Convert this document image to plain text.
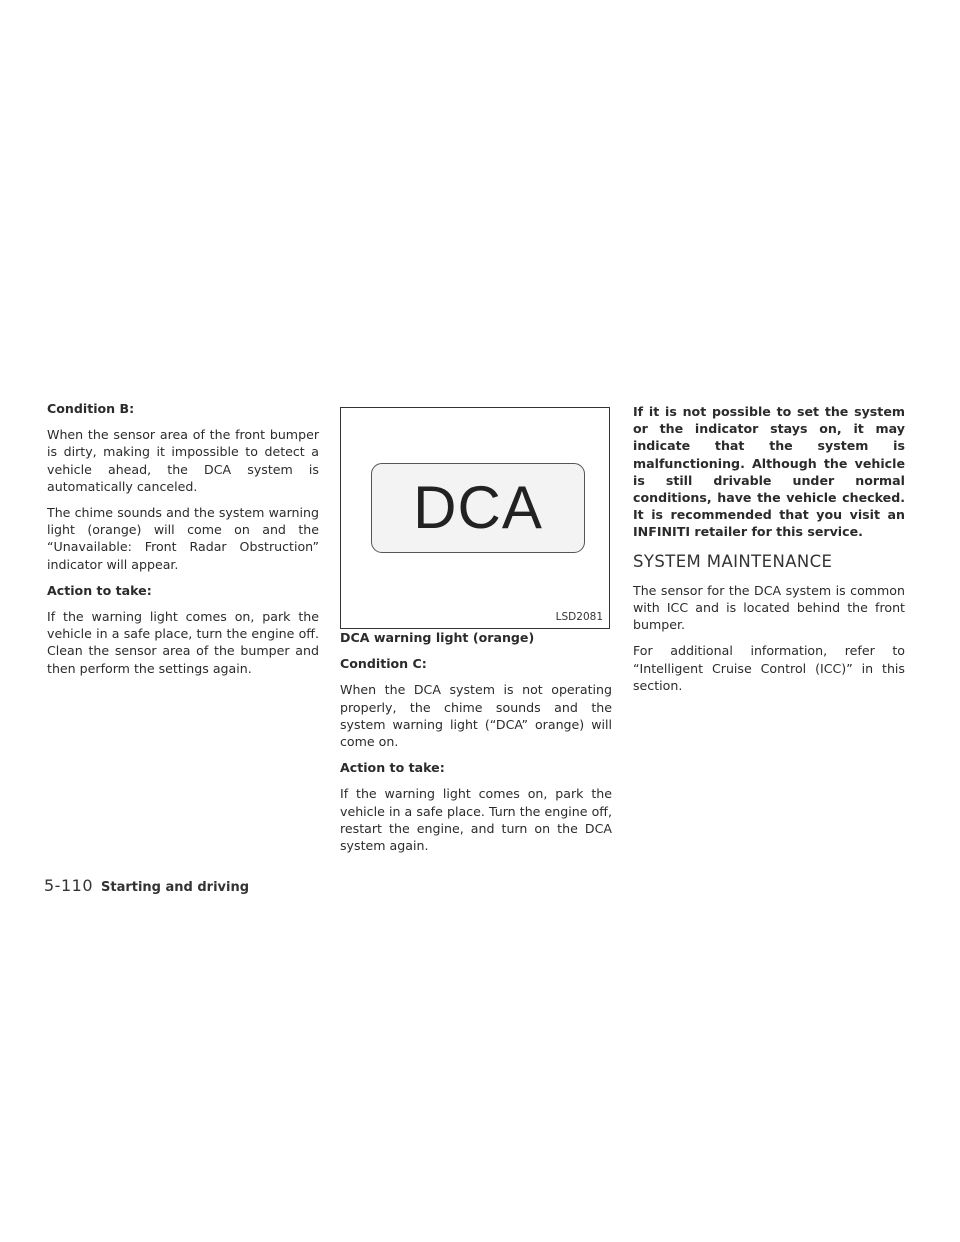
Condition B:

When the sensor area of the front bumper is dirty, making it impossible to detect a vehicle ahead, the DCA system is automatically canceled.

The chime sounds and the system warning light (orange) will come on and the “Unavailable: Front Radar Obstruction” indicator will appear.

Action to take:

If the warning light comes on, park the vehicle in a safe place, turn the engine off. Clean the sensor area of the bumper and then perform the settings again.

DCA
LSD2081

DCA warning light (orange)

Condition C:

When the DCA system is not operating properly, the chime sounds and the system warning light (“DCA” orange) will come on.

Action to take:

If the warning light comes on, park the vehicle in a safe place. Turn the engine off, restart the engine, and turn on the DCA system again.

If it is not possible to set the system or the indicator stays on, it may indicate that the system is malfunctioning. Although the vehicle is still drivable under normal conditions, have the vehicle checked. It is recommended that you visit an INFINITI retailer for this service.

SYSTEM MAINTENANCE

The sensor for the DCA system is common with ICC and is located behind the front bumper.

For additional information, refer to “Intelligent Cruise Control (ICC)” in this section.

5-110 Starting and driving
